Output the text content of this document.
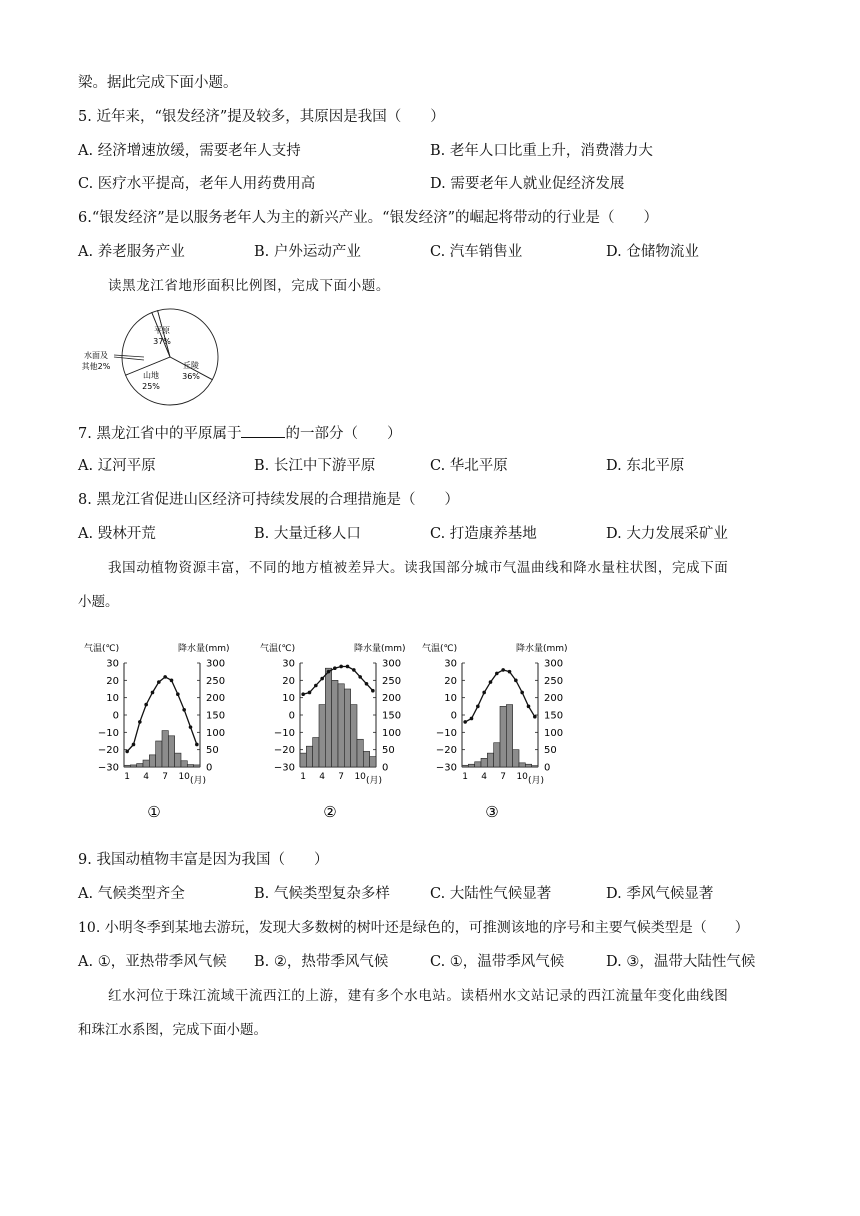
梁。据此完成下面小题。
5. 近年来，“银发经济”提及较多，其原因是我国（　　）
A. 经济增速放缓，需要老年人支持	B. 老年人口比重上升，消费潜力大
C. 医疗水平提高，老年人用药费用高	D. 需要老年人就业促经济发展
6.“银发经济”是以服务老年人为主的新兴产业。“银发经济”的崛起将带动的行业是（　　）
A. 养老服务产业	B. 户外运动产业	C. 汽车销售业	D. 仓储物流业
读黑龙江省地形面积比例图，完成下面小题。
平原
37%
丘陵
36%
山地
25%
水面及
其他2%
7. 黑龙江省中的平原属于	的一部分（　　）
A. 辽河平原	B. 长江中下游平原	C. 华北平原	D. 东北平原
8. 黑龙江省促进山区经济可持续发展的合理措施是（　　）
A. 毁林开荒	B. 大量迁移人口	C. 打造康养基地	D. 大力发展采矿业
我国动植物资源丰富，不同的地方植被差异大。读我国部分城市气温曲线和降水量柱状图，完成下面
小题。
气温(℃)	降水量(mm)
30
20
10
0
−10
−20
−30
300
250
200
150
100
50
0
1 4 7 10 (月)
①
气温(℃)	降水量(mm)
30
20
10
0
−10
−20
−30
300
250
200
150
100
50
0
1 4 7 10 (月)
②
气温(℃)	降水量(mm)
30
20
10
0
−10
−20
−30
300
250
200
150
100
50
0
1 4 7 10 (月)
③
9. 我国动植物丰富是因为我国（　　）
A. 气候类型齐全	B. 气候类型复杂多样	C. 大陆性气候显著	D. 季风气候显著
10. 小明冬季到某地去游玩，发现大多数树的树叶还是绿色的，可推测该地的序号和主要气候类型是（　　）
A. ①，亚热带季风气候 B. ②，热带季风气候	C. ①，温带季风气候	D. ③，温带大陆性气候
红水河位于珠江流域干流西江的上游，建有多个水电站。读梧州水文站记录的西江流量年变化曲线图
和珠江水系图，完成下面小题。
